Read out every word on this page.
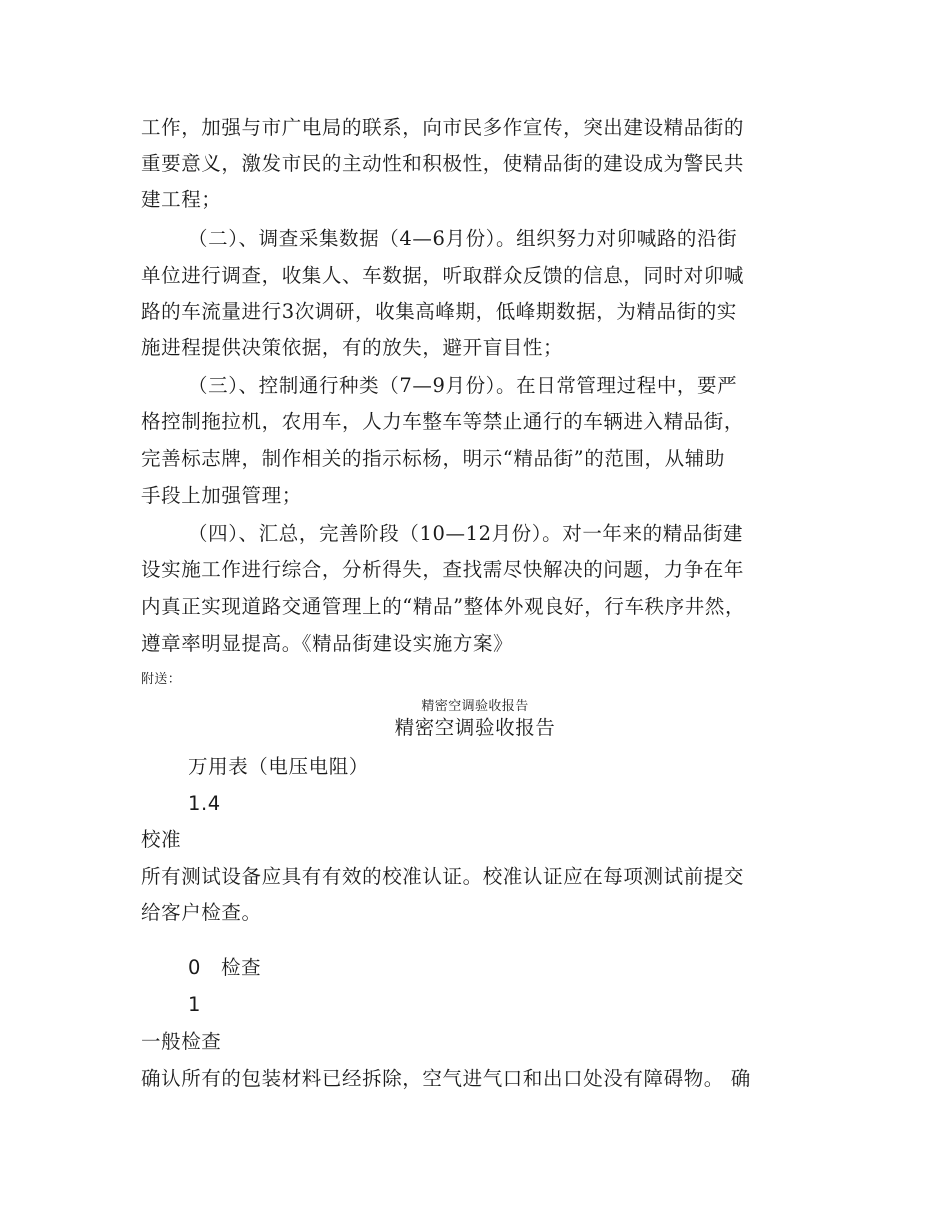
工作，加强与市广电局的联系，向市民多作宣传，突出建设精品街的
重要意义，激发市民的主动性和积极性，使精品街的建设成为警民共
建工程；
（二）、调查采集数据（4—6月份）。组织努力对卯喊路的沿街
单位进行调查，收集人、车数据，听取群众反馈的信息，同时对卯喊
路的车流量进行3次调研，收集高峰期，低峰期数据，为精品街的实
施进程提供决策依据，有的放失，避开盲目性；
（三）、控制通行种类（7—9月份）。在日常管理过程中，要严
格控制拖拉机，农用车，人力车整车等禁止通行的车辆进入精品街，
完善标志牌，制作相关的指示标杨，明示“精品街”的范围，从辅助
手段上加强管理；
（四）、汇总，完善阶段（10—12月份）。对一年来的精品街建
设实施工作进行综合，分析得失，查找需尽快解决的问题，力争在年
内真正实现道路交通管理上的“精品”整体外观良好，行车秩序井然，
遵章率明显提高。《精品街建设实施方案》
附送：
精密空调验收报告
精密空调验收报告
万用表（电压电阻）
1.4
校准
所有测试设备应具有有效的校准认证。校准认证应在每项测试前提交
给客户检查。
0 检查
1
一般检查
确认所有的包装材料已经拆除，空气进气口和出口处没有障碍物。 确
